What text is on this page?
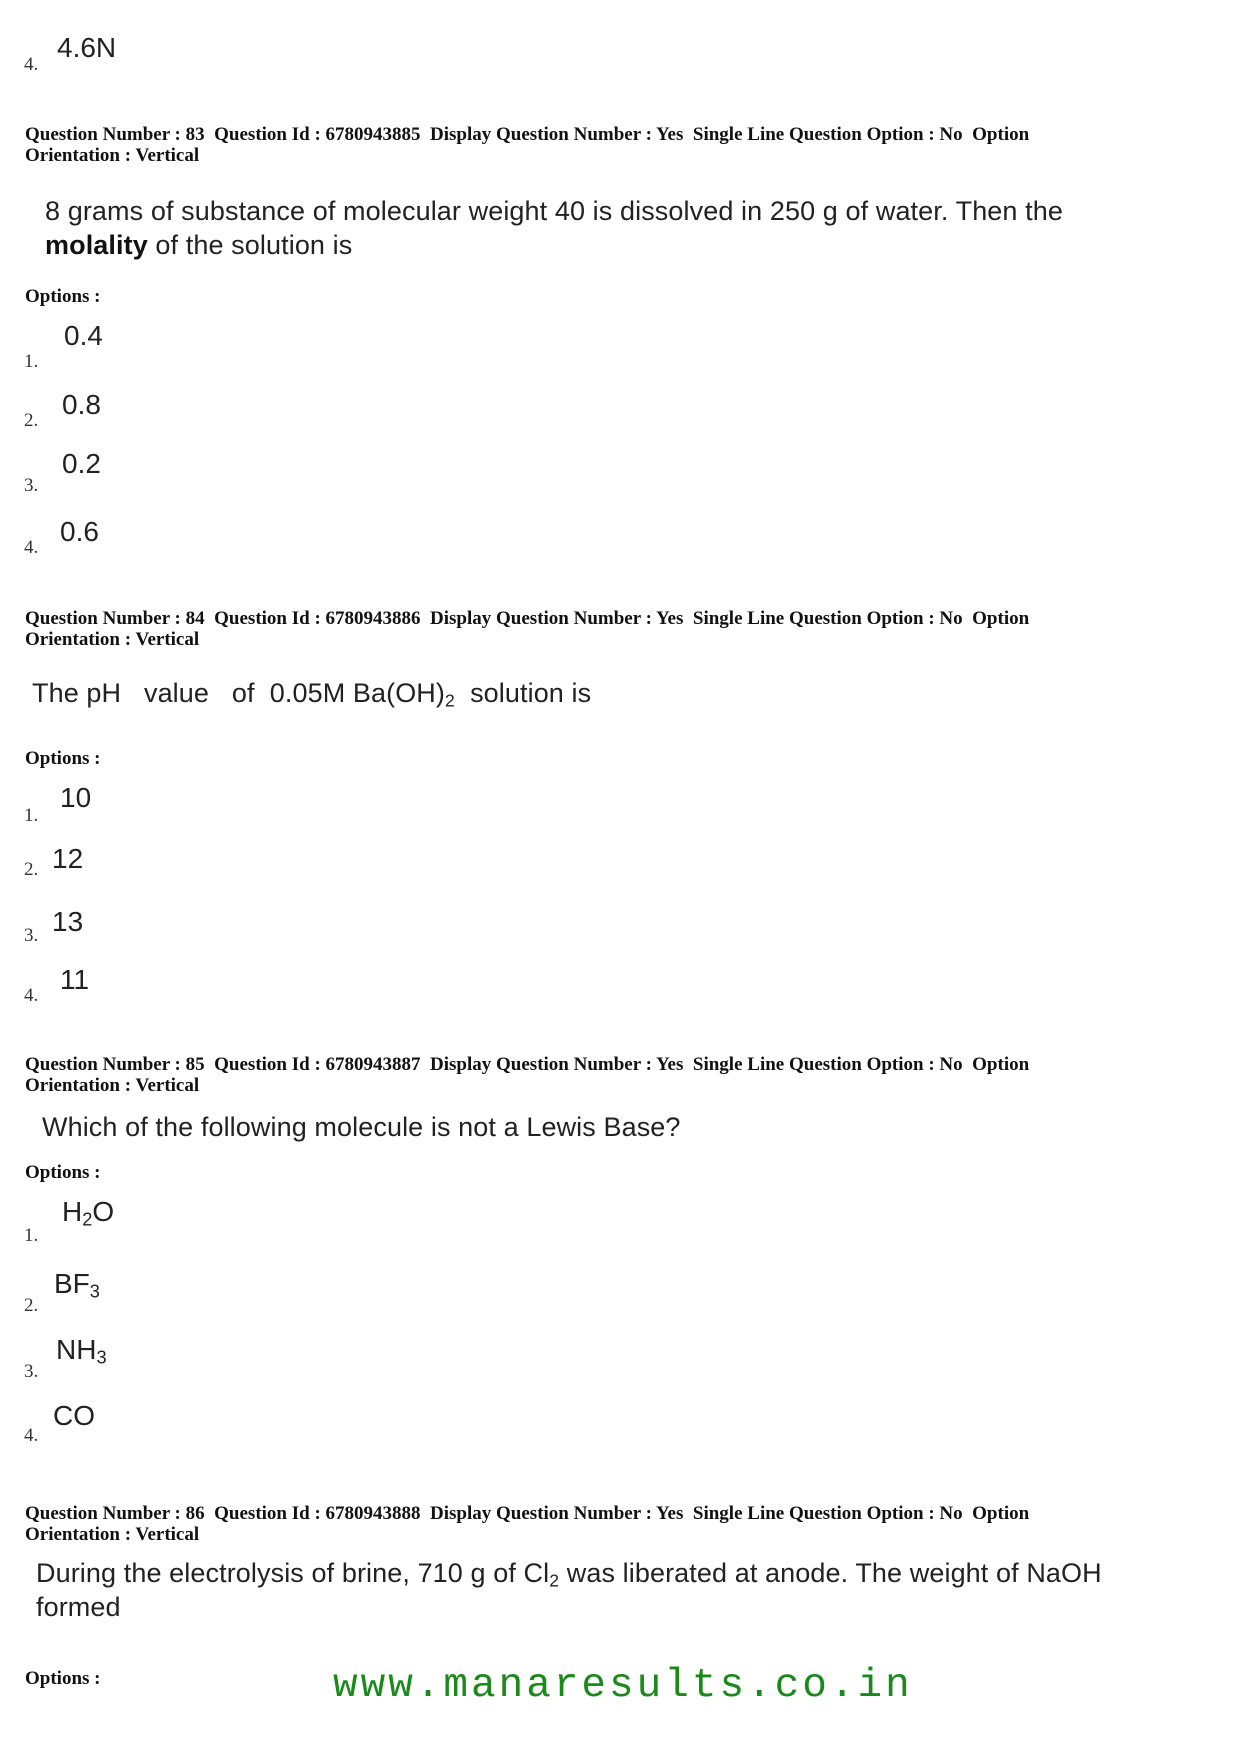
4.
4.6N
Question Number : 83 Question Id : 6780943885 Display Question Number : Yes Single Line Question Option : No Option
Orientation : Vertical
8 grams of substance of molecular weight 40 is dissolved in 250 g of water. Then the
molality of the solution is
Options :
1.
0.4
2.
0.8
3.
0.2
4.
0.6
Question Number : 84 Question Id : 6780943886 Display Question Number : Yes Single Line Question Option : No Option
Orientation : Vertical
The pH value of 0.05M $Ba(OH)_2$ solution is
Options :
1.
10
2. 12
3. 13
4.
11
Question Number : 85 Question Id : 6780943887 Display Question Number : Yes Single Line Question Option : No Option
Orientation : Vertical
Which of the following molecule is not a Lewis Base?
Options :
1.
$H_2O$
2.
$BF_3$
3.
$NH_3$
4.
CO
Question Number : 86 Question Id : 6780943888 Display Question Number : Yes Single Line Question Option : No Option
Orientation : Vertical
During the electrolysis of brine, 710 g of $Cl_2$ was liberated at anode. The weight of NaOH
formed
Options :	www.manaresults.co.in
